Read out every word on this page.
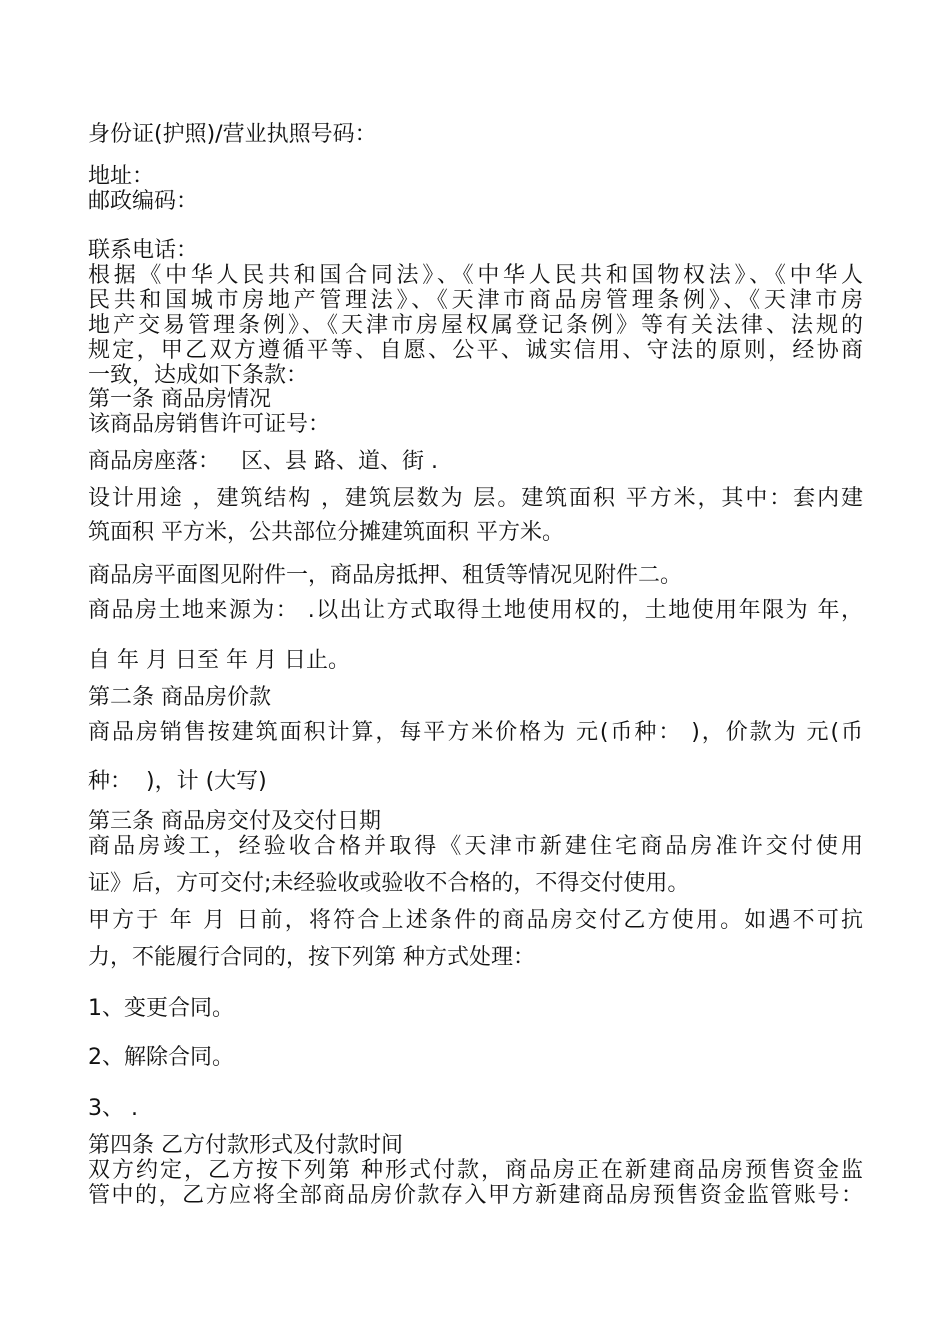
身份证(护照)/营业执照号码：

地址：

邮政编码：

联系电话：

根据《中华人民共和国合同法》、《中华人民共和国物权法》、《中华人

民共和国城市房地产管理法》、《天津市商品房管理条例》、《天津市房

地产交易管理条例》、《天津市房屋权属登记条例》等有关法律、法规的

规定，甲乙双方遵循平等、自愿、公平、诚实信用、守法的原则，经协商

一致，达成如下条款：

第一条 商品房情况

该商品房销售许可证号：

商品房座落：   区、县 路、道、街 .

设计用途 ，建筑结构 ，建筑层数为 层。建筑面积 平方米，其中：套内建

筑面积 平方米，公共部位分摊建筑面积 平方米。

商品房平面图见附件一，商品房抵押、租赁等情况见附件二。

商品房土地来源为： .以出让方式取得土地使用权的，土地使用年限为 年，

自 年 月 日至 年 月 日止。

第二条 商品房价款

商品房销售按建筑面积计算，每平方米价格为 元(币种： )，价款为 元(币

种：  )，计 (大写)

第三条 商品房交付及交付日期

商品房竣工，经验收合格并取得《天津市新建住宅商品房准许交付使用

证》后，方可交付;未经验收或验收不合格的，不得交付使用。

甲方于 年 月 日前，将符合上述条件的商品房交付乙方使用。如遇不可抗

力，不能履行合同的，按下列第 种方式处理：

1、变更合同。

2、解除合同。

3、 .

第四条 乙方付款形式及付款时间

双方约定，乙方按下列第 种形式付款，商品房正在新建商品房预售资金监

管中的，乙方应将全部商品房价款存入甲方新建商品房预售资金监管账号：
